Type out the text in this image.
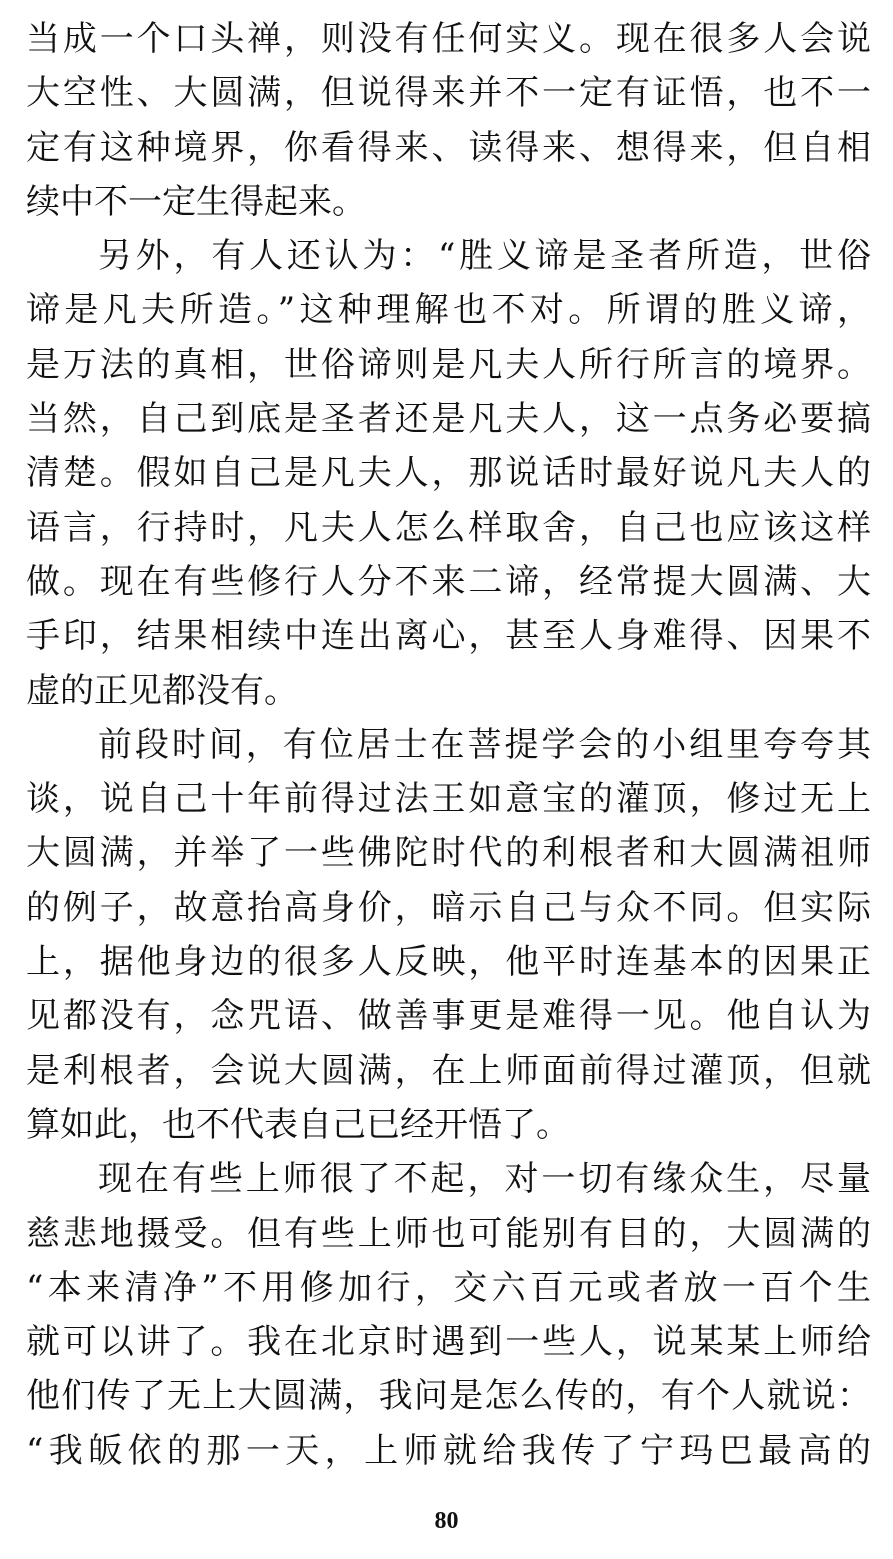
当成一个口头禅，则没有任何实义。现在很多人会说
大空性、大圆满，但说得来并不一定有证悟，也不一
定有这种境界，你看得来、读得来、想得来，但自相
续中不一定生得起来。
另外，有人还认为：“胜义谛是圣者所造，世俗
谛是凡夫所造。”这种理解也不对。所谓的胜义谛，
是万法的真相，世俗谛则是凡夫人所行所言的境界。
当然，自己到底是圣者还是凡夫人，这一点务必要搞
清楚。假如自己是凡夫人，那说话时最好说凡夫人的
语言，行持时，凡夫人怎么样取舍，自己也应该这样
做。现在有些修行人分不来二谛，经常提大圆满、大
手印，结果相续中连出离心，甚至人身难得、因果不
虚的正见都没有。
前段时间，有位居士在菩提学会的小组里夸夸其
谈，说自己十年前得过法王如意宝的灌顶，修过无上
大圆满，并举了一些佛陀时代的利根者和大圆满祖师
的例子，故意抬高身价，暗示自己与众不同。但实际
上，据他身边的很多人反映，他平时连基本的因果正
见都没有，念咒语、做善事更是难得一见。他自认为
是利根者，会说大圆满，在上师面前得过灌顶，但就
算如此，也不代表自己已经开悟了。
现在有些上师很了不起，对一切有缘众生，尽量
慈悲地摄受。但有些上师也可能别有目的，大圆满的
“本来清净”不用修加行，交六百元或者放一百个生
就可以讲了。我在北京时遇到一些人，说某某上师给
他们传了无上大圆满，我问是怎么传的，有个人就说：
“我皈依的那一天，上师就给我传了宁玛巴最高的
80
